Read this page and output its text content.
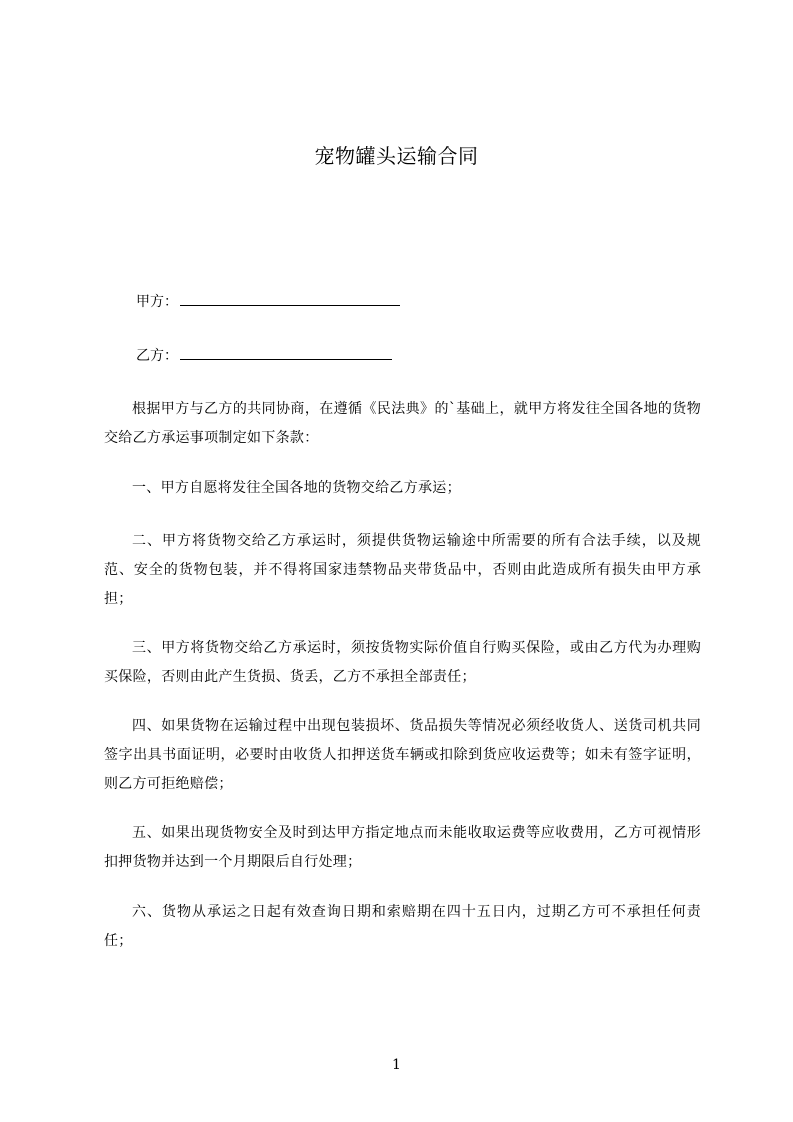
宠物罐头运输合同
甲方：
乙方：
根据甲方与乙方的共同协商，在遵循《民法典》的`基础上，就甲方将发往全国各地的货物交给乙方承运事项制定如下条款：
一、甲方自愿将发往全国各地的货物交给乙方承运；
二、甲方将货物交给乙方承运时，须提供货物运输途中所需要的所有合法手续，以及规范、安全的货物包装，并不得将国家违禁物品夹带货品中，否则由此造成所有损失由甲方承担；
三、甲方将货物交给乙方承运时，须按货物实际价值自行购买保险，或由乙方代为办理购买保险，否则由此产生货损、货丢，乙方不承担全部责任；
四、如果货物在运输过程中出现包装损坏、货品损失等情况必须经收货人、送货司机共同签字出具书面证明，必要时由收货人扣押送货车辆或扣除到货应收运费等；如未有签字证明，则乙方可拒绝赔偿；
五、如果出现货物安全及时到达甲方指定地点而未能收取运费等应收费用，乙方可视情形扣押货物并达到一个月期限后自行处理；
六、货物从承运之日起有效查询日期和索赔期在四十五日内，过期乙方可不承担任何责任；
1
